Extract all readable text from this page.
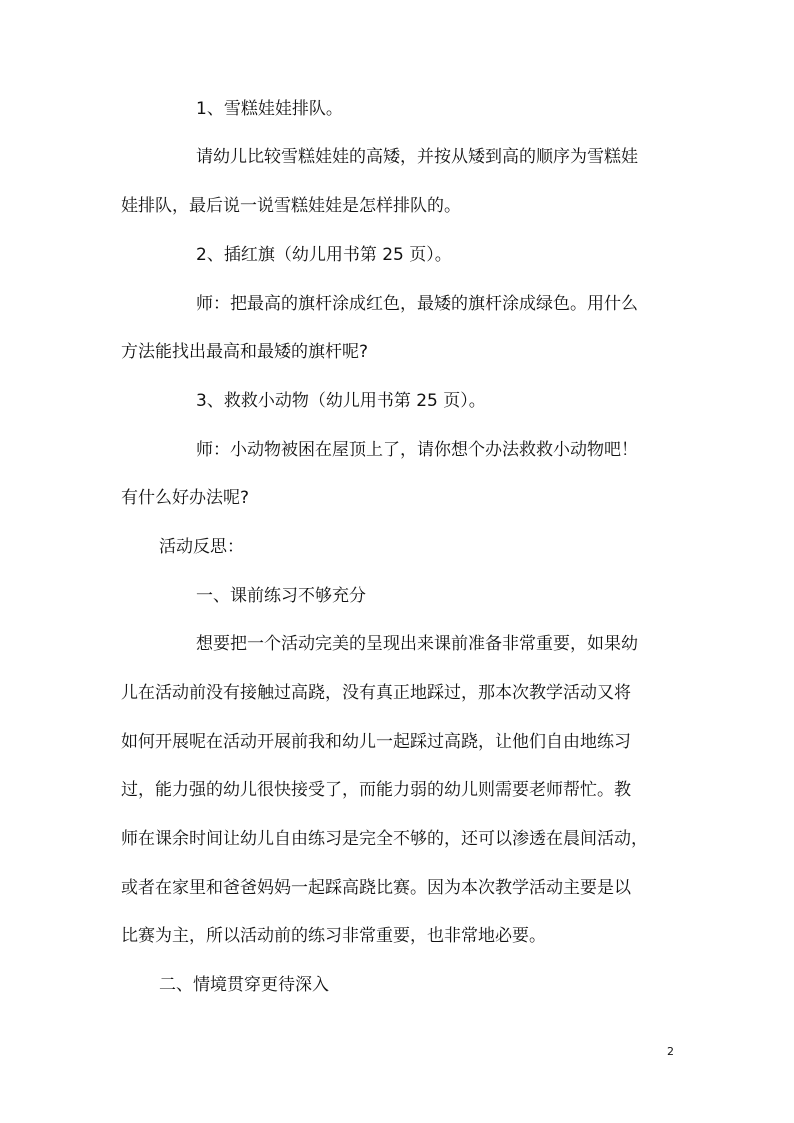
1、雪糕娃娃排队。
请幼儿比较雪糕娃娃的高矮，并按从矮到高的顺序为雪糕娃
娃排队，最后说一说雪糕娃娃是怎样排队的。
2、插红旗（幼儿用书第 25 页）。
师：把最高的旗杆涂成红色，最矮的旗杆涂成绿色。用什么
方法能找出最高和最矮的旗杆呢?
3、救救小动物（幼儿用书第 25 页）。
师：小动物被困在屋顶上了，请你想个办法救救小动物吧！
有什么好办法呢?
活动反思：
一、课前练习不够充分
想要把一个活动完美的呈现出来课前准备非常重要，如果幼
儿在活动前没有接触过高跷，没有真正地踩过，那本次教学活动又将
如何开展呢在活动开展前我和幼儿一起踩过高跷，让他们自由地练习
过，能力强的幼儿很快接受了，而能力弱的幼儿则需要老师帮忙。教
师在课余时间让幼儿自由练习是完全不够的，还可以渗透在晨间活动，
或者在家里和爸爸妈妈一起踩高跷比赛。因为本次教学活动主要是以
比赛为主，所以活动前的练习非常重要，也非常地必要。
二、情境贯穿更待深入
2
